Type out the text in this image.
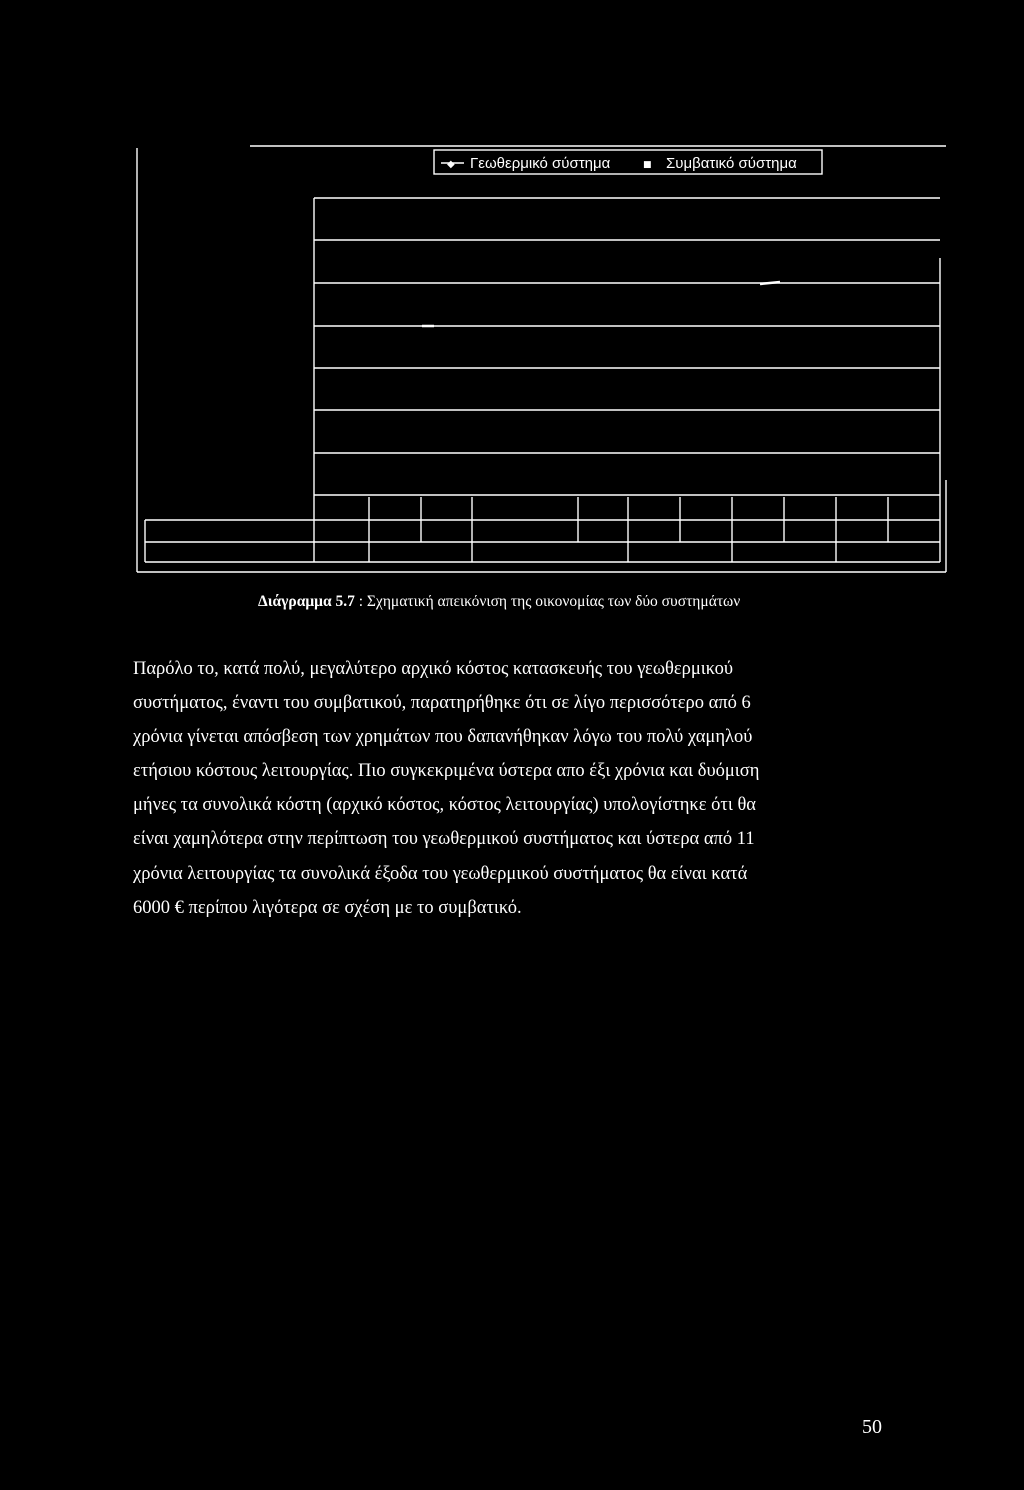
◆ Γεωθερμικό σύστημα	■ Συμβατικό σύστημα
Διάγραμμα 5.7 : Σχηματική απεικόνιση της οικονομίας των δύο συστημάτων

Παρόλο το, κατά πολύ, μεγαλύτερο αρχικό κόστος κατασκευής του γεωθερμικού
συστήματος, έναντι του συμβατικού, παρατηρήθηκε ότι σε λίγο περισσότερο από 6
χρόνια γίνεται απόσβεση των χρημάτων που δαπανήθηκαν λόγω του πολύ χαμηλού
ετήσιου κόστους λειτουργίας. Πιο συγκεκριμένα ύστερα απο έξι χρόνια και δυόμιση
μήνες τα συνολικά κόστη (αρχικό κόστος, κόστος λειτουργίας) υπολογίστηκε ότι θα
είναι χαμηλότερα στην περίπτωση του γεωθερμικού συστήματος και ύστερα από 11
χρόνια λειτουργίας τα συνολικά έξοδα του γεωθερμικού συστήματος θα είναι κατά
6000 € περίπου λιγότερα σε σχέση με το συμβατικό.

50
